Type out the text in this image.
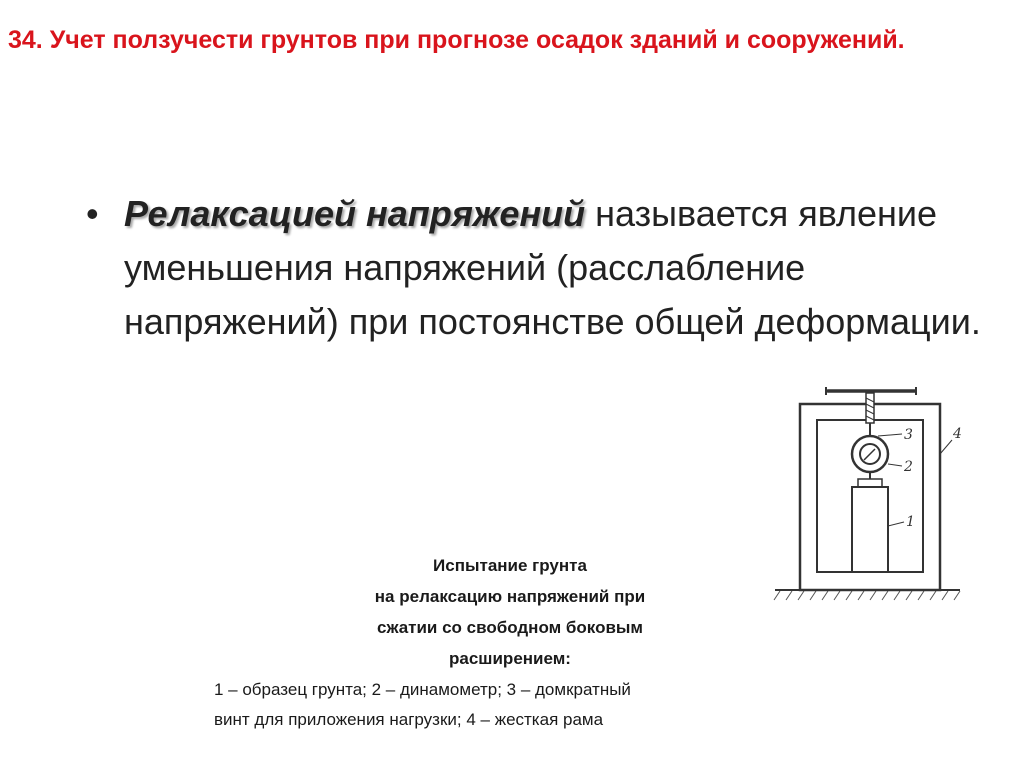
34. Учет ползучести грунтов при прогнозе осадок зданий и сооружений.
• Релаксацией напряжений называется явление уменьшения напряжений (расслабление напряжений) при постоянстве общей деформации.
3
2
1
4
Испытание грунта
на релаксацию напряжений при
сжатии со свободном боковым
расширением:
1 – образец грунта; 2 – динамометр; 3 – домкратный
винт для приложения нагрузки; 4 – жесткая рама
